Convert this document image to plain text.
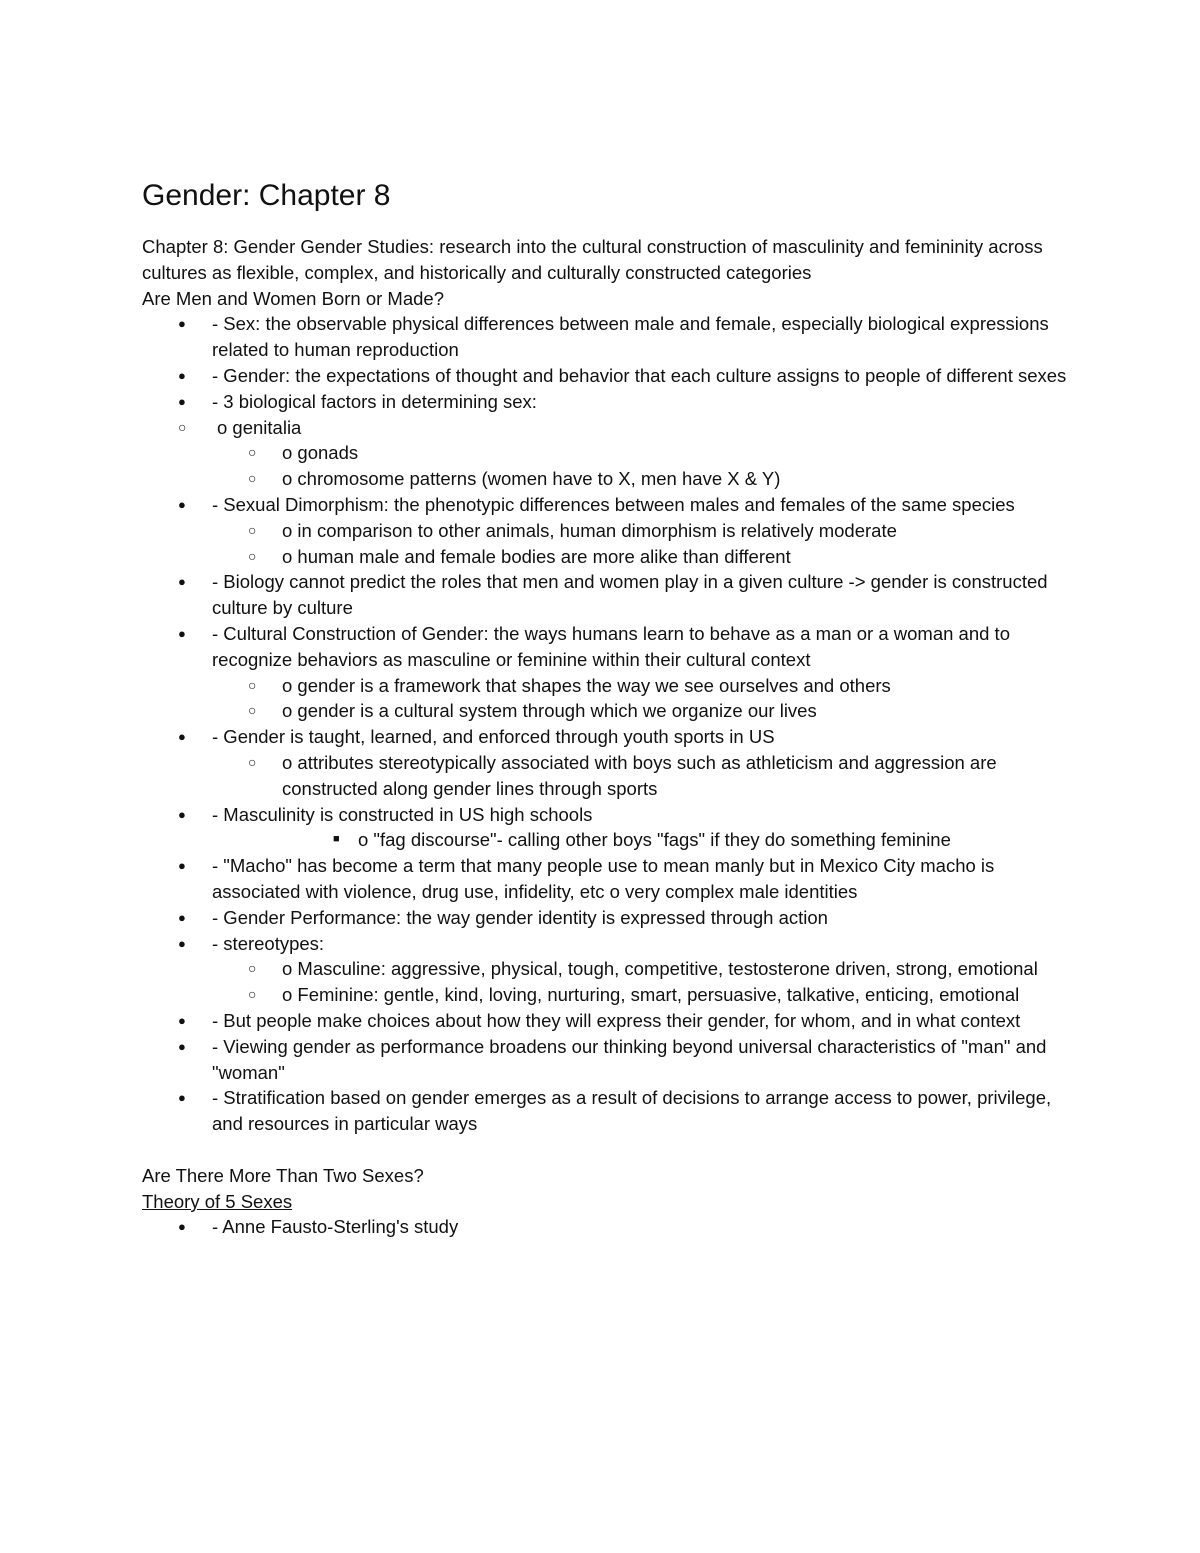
Gender: Chapter 8

Chapter 8: Gender Gender Studies: research into the cultural construction of masculinity and femininity across cultures as flexible, complex, and historically and culturally constructed categories

Are Men and Women Born or Made?

● - Sex: the observable physical differences between male and female, especially biological expressions related to human reproduction
● - Gender: the expectations of thought and behavior that each culture assigns to people of different sexes
● - 3 biological factors in determining sex:
○ o genitalia
○ o gonads
○ o chromosome patterns (women have to X, men have X & Y)
● - Sexual Dimorphism: the phenotypic differences between males and females of the same species
○ o in comparison to other animals, human dimorphism is relatively moderate
○ o human male and female bodies are more alike than different
● - Biology cannot predict the roles that men and women play in a given culture -> gender is constructed culture by culture
● - Cultural Construction of Gender: the ways humans learn to behave as a man or a woman and to recognize behaviors as masculine or feminine within their cultural context
○ o gender is a framework that shapes the way we see ourselves and others
○ o gender is a cultural system through which we organize our lives
● - Gender is taught, learned, and enforced through youth sports in US
○ o attributes stereotypically associated with boys such as athleticism and aggression are constructed along gender lines through sports
● - Masculinity is constructed in US high schools
■ o "fag discourse"- calling other boys "fags" if they do something feminine
● - "Macho" has become a term that many people use to mean manly but in Mexico City macho is associated with violence, drug use, infidelity, etc o very complex male identities
● - Gender Performance: the way gender identity is expressed through action
● - stereotypes:
○ o Masculine: aggressive, physical, tough, competitive, testosterone driven, strong, emotional
○ o Feminine: gentle, kind, loving, nurturing, smart, persuasive, talkative, enticing, emotional
● - But people make choices about how they will express their gender, for whom, and in what context
● - Viewing gender as performance broadens our thinking beyond universal characteristics of "man" and "woman"
● - Stratification based on gender emerges as a result of decisions to arrange access to power, privilege, and resources in particular ways

Are There More Than Two Sexes?

Theory of 5 Sexes

● - Anne Fausto-Sterling's study
